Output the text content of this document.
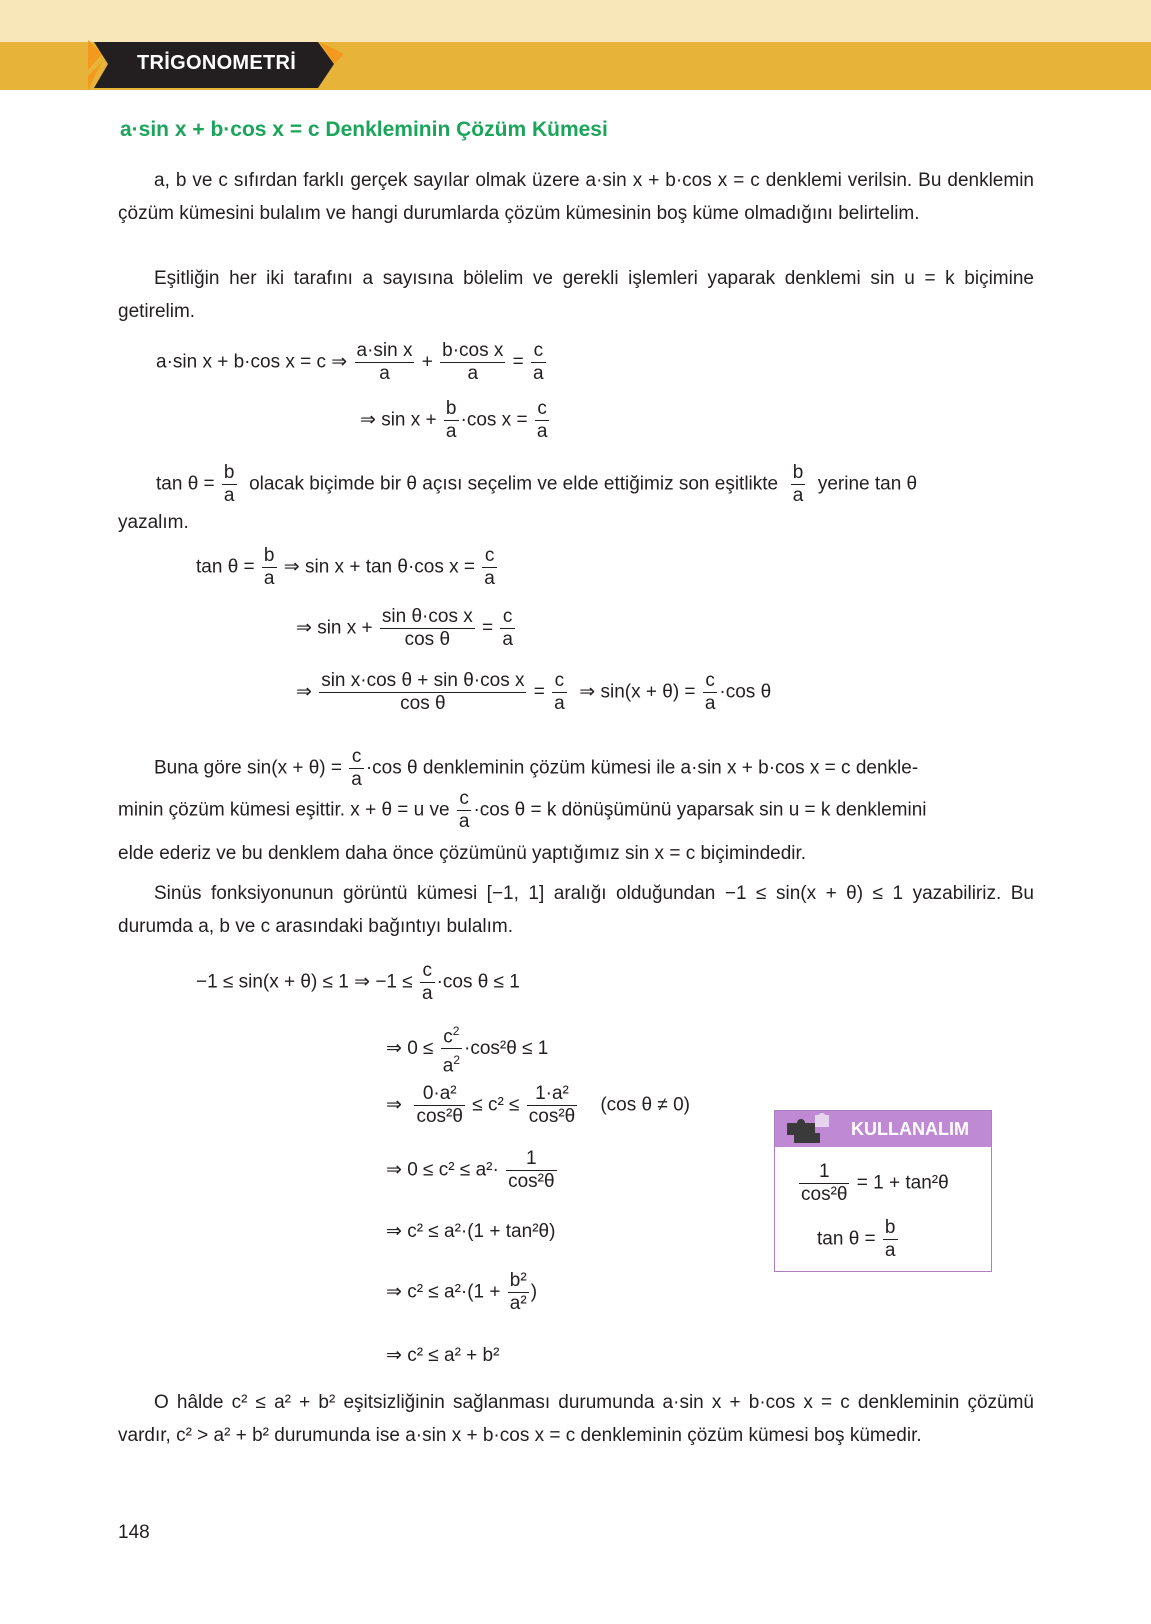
TRİGONOMETRİ
a·sin x + b·cos x = c Denkleminin Çözüm Kümesi
a, b ve c sıfırdan farklı gerçek sayılar olmak üzere a·sin x + b·cos x = c denklemi verilsin. Bu denklemin çözüm kümesini bulalım ve hangi durumlarda çözüm kümesinin boş küme olmadığını belirtelim.
Eşitliğin her iki tarafını a sayısına bölelim ve gerekli işlemleri yaparak denklemi sin u = k biçimine getirelim.
a·sin x + b·cos x = c ⇒ $\frac{\text{a·sin x}}{a} + \frac{\text{b·cos x}}{a} = \frac{c}{a}$
⇒ $\sin x + \frac{b}{a} \cdot\cos$ $x = \frac{c}{a}$
$\tan \theta = \frac{b}{a}$ olacak biçimde bir θ açısı seçelim ve elde ettiğimiz son eşitlikte $\frac{b}{a}$ yerine tan θ
yazalım.
$\tan \theta = \frac{b}{a}$ ⇒ sin x + tan θ·cos $x = \frac{c}{a}$
⇒ $\sin x + \frac{\text{sin θ·cos x}}{\text{cos θ}} = \frac{c}{a}$
⇒ $\frac{\text{sin x·cos θ + sin θ·cos x}}{\text{cos θ}} = \frac{c}{a}$ ⇒ $\sin(x + \theta) = \frac{c}{a} \cdot\cos$ θ
Buna göre $\sin(x + \theta) = \frac{c}{a} \cdot\cos$ θ denkleminin çözüm kümesi ile a·sin x + b·cos x = c denkle-
minin çözüm kümesi eşittir. x + θ = u ve $\frac{c}{a} \cdot\cos$ θ = k dönüşümünü yaparsak sin u = k denklemini
elde ederiz ve bu denklem daha önce çözümünü yaptığımız sin x = c biçimindedir.
Sinüs fonksiyonunun görüntü kümesi [−1, 1] aralığı olduğundan −1 ≤ sin(x + θ) ≤ 1 yazabiliriz. Bu durumda a, b ve c arasındaki bağıntıyı bulalım.
−1 ≤ sin(x + θ) ≤ 1 ⇒ $-1 \le \frac{c}{a} \cdot\cos$ θ ≤ 1
⇒ $0 \le \frac{c^2}{a^2} \cdot\cos^2\theta \le 1$
⇒ $\frac{\text{0·a²}}{\text{cos²θ}} \le c^2 \le \frac{\text{1·a²}}{\text{cos²θ}} (\cos$ θ ≠ 0)
⇒ $0 \le c^2 \le a^2\cdot \frac{1}{\text{cos²θ}}$
⇒ c² ≤ a²·(1 + tan²θ)
⇒ $c^2 \le a^2\cdot(1 + \frac{\text{b²}}{\text{a²}}$ )
⇒ c² ≤ a² + b²
KULLANALIM
$\frac{1}{\text{cos²θ}} = 1 + \tan^2\theta$
$\tan \theta = \frac{b}{a}$
O hâlde c² ≤ a² + b² eşitsizliğinin sağlanması durumunda a·sin x + b·cos x = c denkleminin çözümü vardır, c² > a² + b² durumunda ise a·sin x + b·cos x = c denkleminin çözüm kümesi boş kümedir.
148
